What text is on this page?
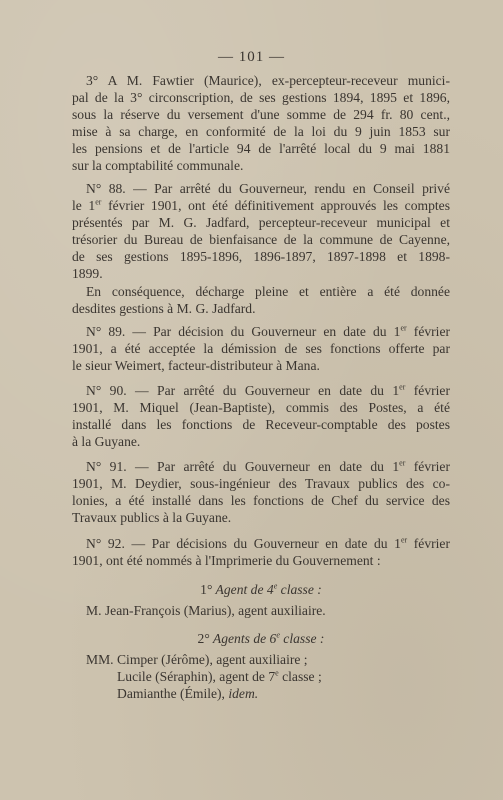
— 101 —
3° A M. Fawtier (Maurice), ex-percepteur-receveur munici-
pal de la 3° circonscription, de ses gestions 1894, 1895 et 1896,
sous la réserve du versement d'une somme de 294 fr. 80 cent.,
mise à sa charge, en conformité de la loi du 9 juin 1853 sur
les pensions et de l'article 94 de l'arrêté local du 9 mai 1881
sur la comptabilité communale.
N° 88. — Par arrêté du Gouverneur, rendu en Conseil privé
le 1er février 1901, ont été définitivement approuvés les comptes
présentés par M. G. Jadfard, percepteur-receveur municipal et
trésorier du Bureau de bienfaisance de la commune de Cayenne,
de ses gestions 1895-1896, 1896-1897, 1897-1898 et 1898-
1899.
En conséquence, décharge pleine et entière a été donnée
desdites gestions à M. G. Jadfard.
N° 89. — Par décision du Gouverneur en date du 1er février
1901, a été acceptée la démission de ses fonctions offerte par
le sieur Weimert, facteur-distributeur à Mana.
N° 90. — Par arrêté du Gouverneur en date du 1er février
1901, M. Miquel (Jean-Baptiste), commis des Postes, a été
installé dans les fonctions de Receveur-comptable des postes
à la Guyane.
N° 91. — Par arrêté du Gouverneur en date du 1er février
1901, M. Deydier, sous-ingénieur des Travaux publics des co-
lonies, a été installé dans les fonctions de Chef du service des
Travaux publics à la Guyane.
N° 92. — Par décisions du Gouverneur en date du 1er février
1901, ont été nommés à l'Imprimerie du Gouvernement :
1° Agent de 4e classe :
M. Jean-François (Marius), agent auxiliaire.
2° Agents de 6e classe :
MM. Cimper (Jérôme), agent auxiliaire ;
Lucile (Séraphin), agent de 7e classe ;
Damianthe (Émile), idem.
